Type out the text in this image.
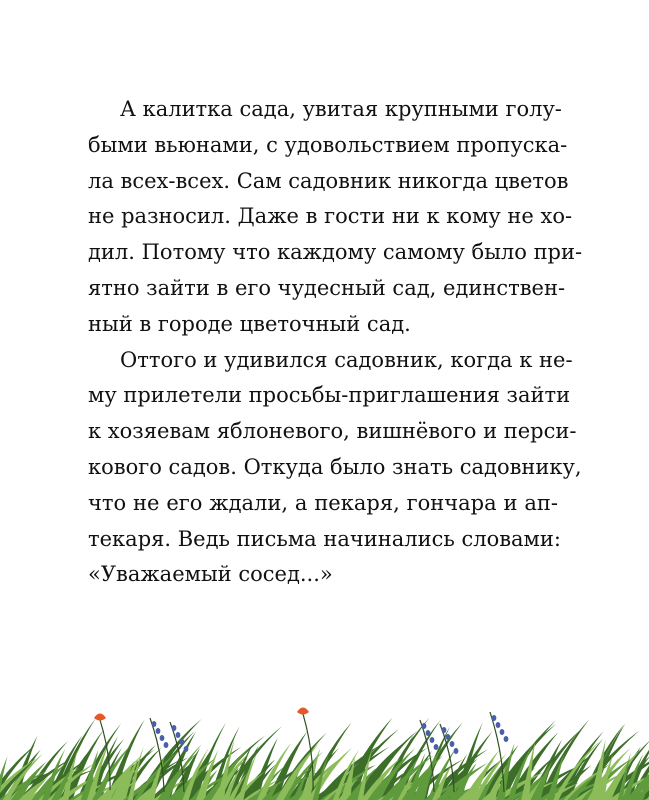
А калитка сада, увитая крупными голу-
быми вьюнами, с удовольствием пропуска-
ла всех-всех. Сам садовник никогда цветов
не разносил. Даже в гости ни к кому не хо-
дил. Потому что каждому самому было при-
ятно зайти в его чудесный сад, единствен-
ный в городе цветочный сад.
Оттого и удивился садовник, когда к не-
му прилетели просьбы-приглашения зайти
к хозяевам яблоневого, вишнёвого и перси-
кового садов. Откуда было знать садовнику,
что не его ждали, а пекаря, гончара и ап-
текаря. Ведь письма начинались словами:
«Уважаемый сосед...»
